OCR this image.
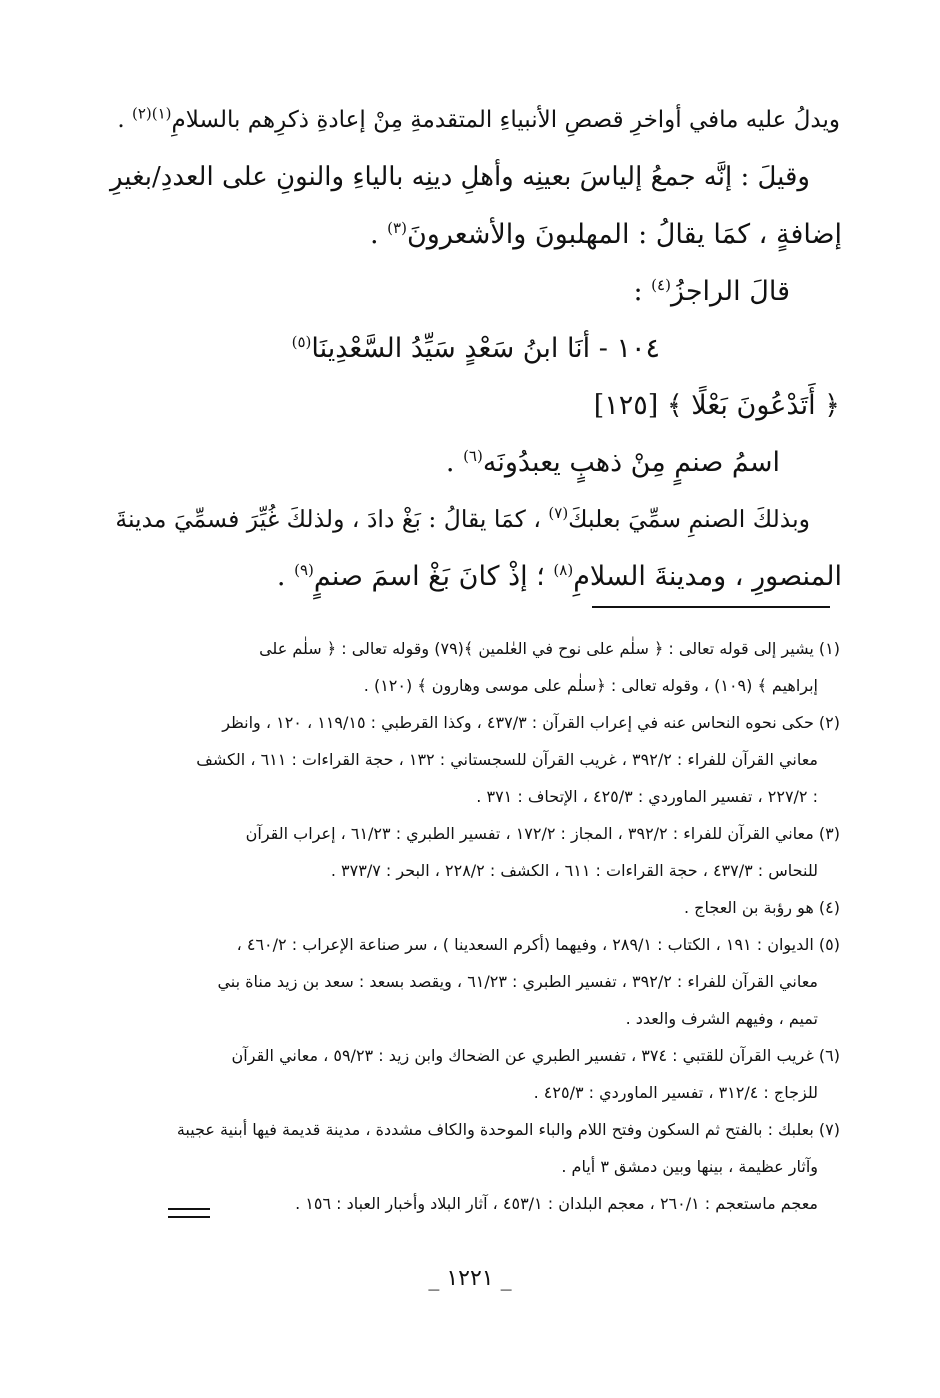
ويدلُ عليه مافي أواخرِ قصصِ الأنبياءِ المتقدمةِ مِنْ إعادةِ ذكرِهم بالسلامِ$^{(١)(٢)}$ .
وقيلَ : إنَّه جمعُ إلياسَ بعينِه وأهلِ دينِه بالياءِ والنونِ على العددِ/بغيرِ
إضافةٍ ، كمَا يقالُ : المهلبونَ والأشعرونَ$^{(٣)}$ .
قالَ الراجزُ$^{(٤)}$ :
١٠٤ - أنَا ابنُ سَعْدٍ سَيِّدُ السَّعْدِينَا$^{(٥)}$
﴿ أَتَدْعُونَ بَعْلًا ﴾ [١٢٥]
اسمُ صنمٍ مِنْ ذهبٍ يعبدُونَه$^{(٦)}$ .
وبذلكَ الصنمِ سمِّيَ بعلبكَ$^{(٧)}$ ، كمَا يقالُ : بَغْ دادَ ، ولذلكَ غُيِّرَ فسمِّيَ مدينةَ
المنصورِ ، ومدينةَ السلامِ$^{(٨)}$ ؛ إذْ كانَ بَغْ اسمَ صنمٍ$^{(٩)}$ .
(١) يشير إلى قوله تعالى : ﴿ سلٰم على نوح في العٰلمين ﴾(٧٩) وقوله تعالى : ﴿ سلٰم على
إبراهيم ﴾ (١٠٩) ، وقوله تعالى : ﴿سلٰم على موسى وهارون ﴾ (١٢٠) .
(٢) حكى نحوه النحاس عنه في إعراب القرآن : ٤٣٧/٣ ، وكذا القرطبي : ١١٩/١٥ ، ١٢٠ ، وانظر
معاني القرآن للفراء : ٣٩٢/٢ ، غريب القرآن للسجستاني : ١٣٢ ، حجة القراءات : ٦١١ ، الكشف
: ٢٢٧/٢ ، تفسير الماوردي : ٤٢٥/٣ ، الإتحاف : ٣٧١ .
(٣) معاني القرآن للفراء : ٣٩٢/٢ ، المجاز : ١٧٢/٢ ، تفسير الطبري : ٦١/٢٣ ، إعراب القرآن
للنحاس : ٤٣٧/٣ ، حجة القراءات : ٦١١ ، الكشف : ٢٢٨/٢ ، البحر : ٣٧٣/٧ .
(٤) هو رؤبة بن العجاج .
(٥) الديوان : ١٩١ ، الكتاب : ٢٨٩/١ ، وفيهما (أكرم السعدينا ) ، سر صناعة الإعراب : ٤٦٠/٢ ،
معاني القرآن للفراء : ٣٩٢/٢ ، تفسير الطبري : ٦١/٢٣ ، ويقصد بسعد : سعد بن زيد مناة بني
تميم ، وفيهم الشرف والعدد .
(٦) غريب القرآن للقتبي : ٣٧٤ ، تفسير الطبري عن الضحاك وابن زيد : ٥٩/٢٣ ، معاني القرآن
للزجاج : ٣١٢/٤ ، تفسير الماوردي : ٤٢٥/٣ .
(٧) بعلبك : بالفتح ثم السكون وفتح اللام والباء الموحدة والكاف مشددة ، مدينة قديمة فيها أبنية عجيبة
وآثار عظيمة ، بينها وبين دمشق ٣ أيام .
معجم ماستعجم : ٢٦٠/١ ، معجم البلدان : ٤٥٣/١ ، آثار البلاد وأخبار العباد : ١٥٦ .
_ ١٢٢١ _
